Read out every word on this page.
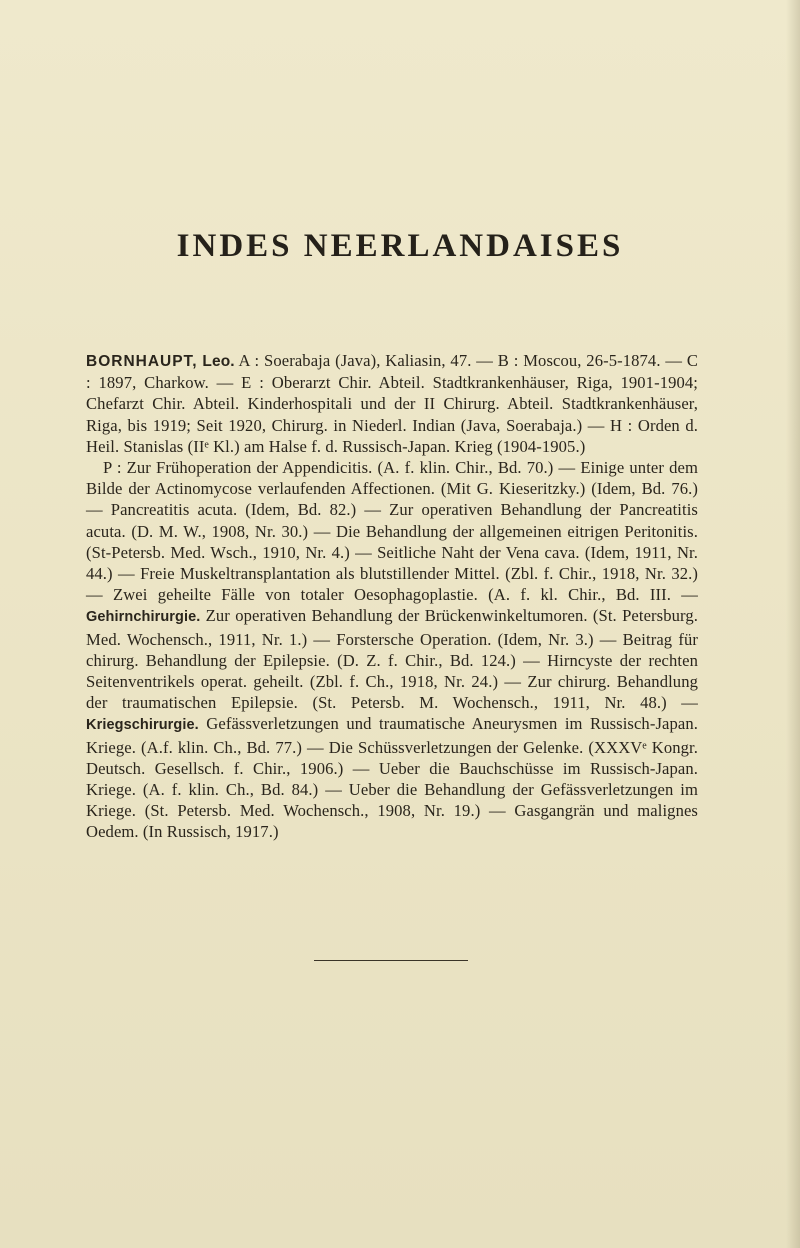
INDES NEERLANDAISES

BORNHAUPT, Leo. A : Soerabaja (Java), Kaliasin, 47. — B : Moscou, 26-5-1874. — C : 1897, Charkow. — E : Oberarzt Chir. Abteil. Stadtkrankenhäuser, Riga, 1901-1904; Chefarzt Chir. Abteil. Kinderhospitali und der II Chirurg. Abteil. Stadtkrankenhäuser, Riga, bis 1919; Seit 1920, Chirurg. in Niederl. Indian (Java, Soerabaja.) — H : Orden d. Heil. Stanislas (IIᵉ Kl.) am Halse f. d. Russisch-Japan. Krieg (1904-1905.)

P : Zur Frühoperation der Appendicitis. (A. f. klin. Chir., Bd. 70.) — Einige unter dem Bilde der Actinomycose verlaufenden Affectionen. (Mit G. Kieseritzky.) (Idem, Bd. 76.) — Pancreatitis acuta. (Idem, Bd. 82.) — Zur operativen Behandlung der Pancreatitis acuta. (D. M. W., 1908, Nr. 30.) — Die Behandlung der allgemeinen eitrigen Peritonitis. (St-Petersb. Med. Wsch., 1910, Nr. 4.) — Seitliche Naht der Vena cava. (Idem, 1911, Nr. 44.) — Freie Muskeltransplantation als blutstillender Mittel. (Zbl. f. Chir., 1918, Nr. 32.) — Zwei geheilte Fälle von totaler Oesophagoplastie. (A. f. kl. Chir., Bd. III. — Gehirnchirurgie. Zur operativen Behandlung der Brückenwinkeltumoren. (St. Petersburg. Med. Wochensch., 1911, Nr. 1.) — Forstersche Operation. (Idem, Nr. 3.) — Beitrag für chirurg. Behandlung der Epilepsie. (D. Z. f. Chir., Bd. 124.) — Hirncyste der rechten Seitenventrikels operat. geheilt. (Zbl. f. Ch., 1918, Nr. 24.) — Zur chirurg. Behandlung der traumatischen Epilepsie. (St. Petersb. M. Wochensch., 1911, Nr. 48.) — Kriegschirurgie. Gefässverletzungen und traumatische Aneurysmen im Russisch-Japan. Kriege. (A.f. klin. Ch., Bd. 77.) — Die Schüssverletzungen der Gelenke. (XXXVᵉ Kongr. Deutsch. Gesellsch. f. Chir., 1906.) — Ueber die Bauchschüsse im Russisch-Japan. Kriege. (A. f. klin. Ch., Bd. 84.) — Ueber die Behandlung der Gefässverletzungen im Kriege. (St. Petersb. Med. Wochensch., 1908, Nr. 19.) — Gasgangrän und malignes Oedem. (In Russisch, 1917.)
